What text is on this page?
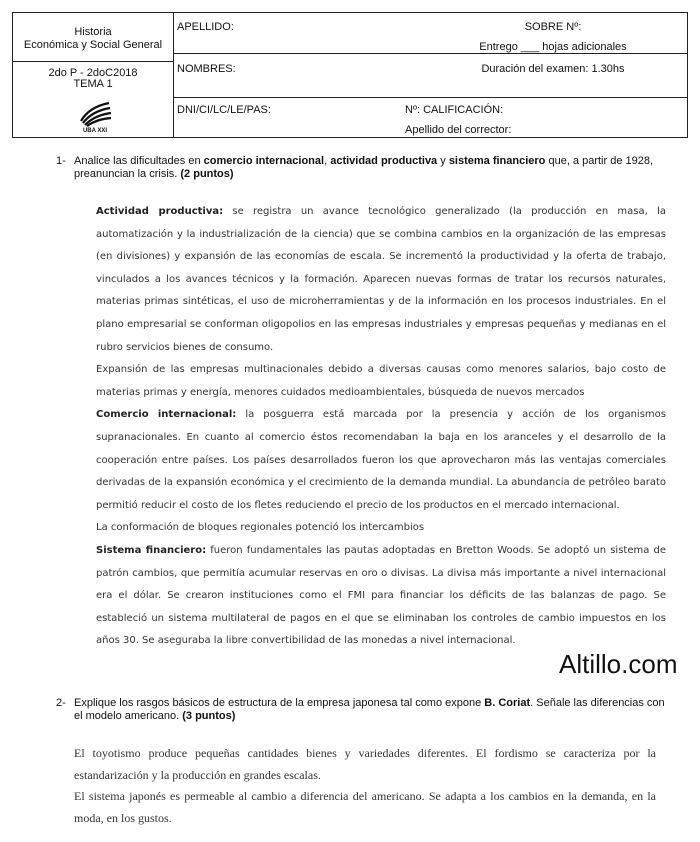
Historia
Económica y Social General
2do P - 2doC2018
TEMA 1
UBA XXI
APELLIDO:	SOBRE Nº:
Entrego ___ hojas adicionales
NOMBRES:	Duración del examen: 1.30hs
DNI/CI/LC/LE/PAS:	Nº: CALIFICACIÓN:
Apellido del corrector:
1- Analice las dificultades en comercio internacional, actividad productiva y sistema financiero que, a partir de 1928, preanuncian la crisis. (2 puntos)

Actividad productiva: se registra un avance tecnológico generalizado (la producción en masa, la automatización y la industrialización de la ciencia) que se combina cambios en la organización de las empresas (en divisiones) y expansión de las economías de escala. Se incrementó la productividad y la oferta de trabajo, vinculados a los avances técnicos y la formación. Aparecen nuevas formas de tratar los recursos naturales, materias primas sintéticas, el uso de microherramientas y de la información en los procesos industriales. En el plano empresarial se conforman oligopolios en las empresas industriales y empresas pequeñas y medianas en el rubro servicios bienes de consumo.

Expansión de las empresas multinacionales debido a diversas causas como menores salarios, bajo costo de materias primas y energía, menores cuidados medioambientales, búsqueda de nuevos mercados

Comercio internacional: la posguerra está marcada por la presencia y acción de los organismos supranacionales. En cuanto al comercio éstos recomendaban la baja en los aranceles y el desarrollo de la cooperación entre países. Los países desarrollados fueron los que aprovecharon más las ventajas comerciales derivadas de la expansión económica y el crecimiento de la demanda mundial. La abundancia de petróleo barato permitió reducir el costo de los fletes reduciendo el precio de los productos en el mercado internacional.

La conformación de bloques regionales potenció los intercambios

Sistema financiero: fueron fundamentales las pautas adoptadas en Bretton Woods. Se adoptó un sistema de patrón cambios, que permitía acumular reservas en oro o divisas. La divisa más importante a nivel internacional era el dólar. Se crearon instituciones como el FMI para financiar los déficits de las balanzas de pago. Se estableció un sistema multilateral de pagos en el que se eliminaban los controles de cambio impuestos en los años 30. Se aseguraba la libre convertibilidad de las monedas a nivel internacional.

Altillo.com
2- Explique los rasgos básicos de estructura de la empresa japonesa tal como expone B. Coriat. Señale las diferencias con el modelo americano. (3 puntos)

El toyotismo produce pequeñas cantidades bienes y variedades diferentes. El fordismo se caracteriza por la estandarización y la producción en grandes escalas.

El sistema japonés es permeable al cambio a diferencia del americano. Se adapta a los cambios en la demanda, en la moda, en los gustos.
